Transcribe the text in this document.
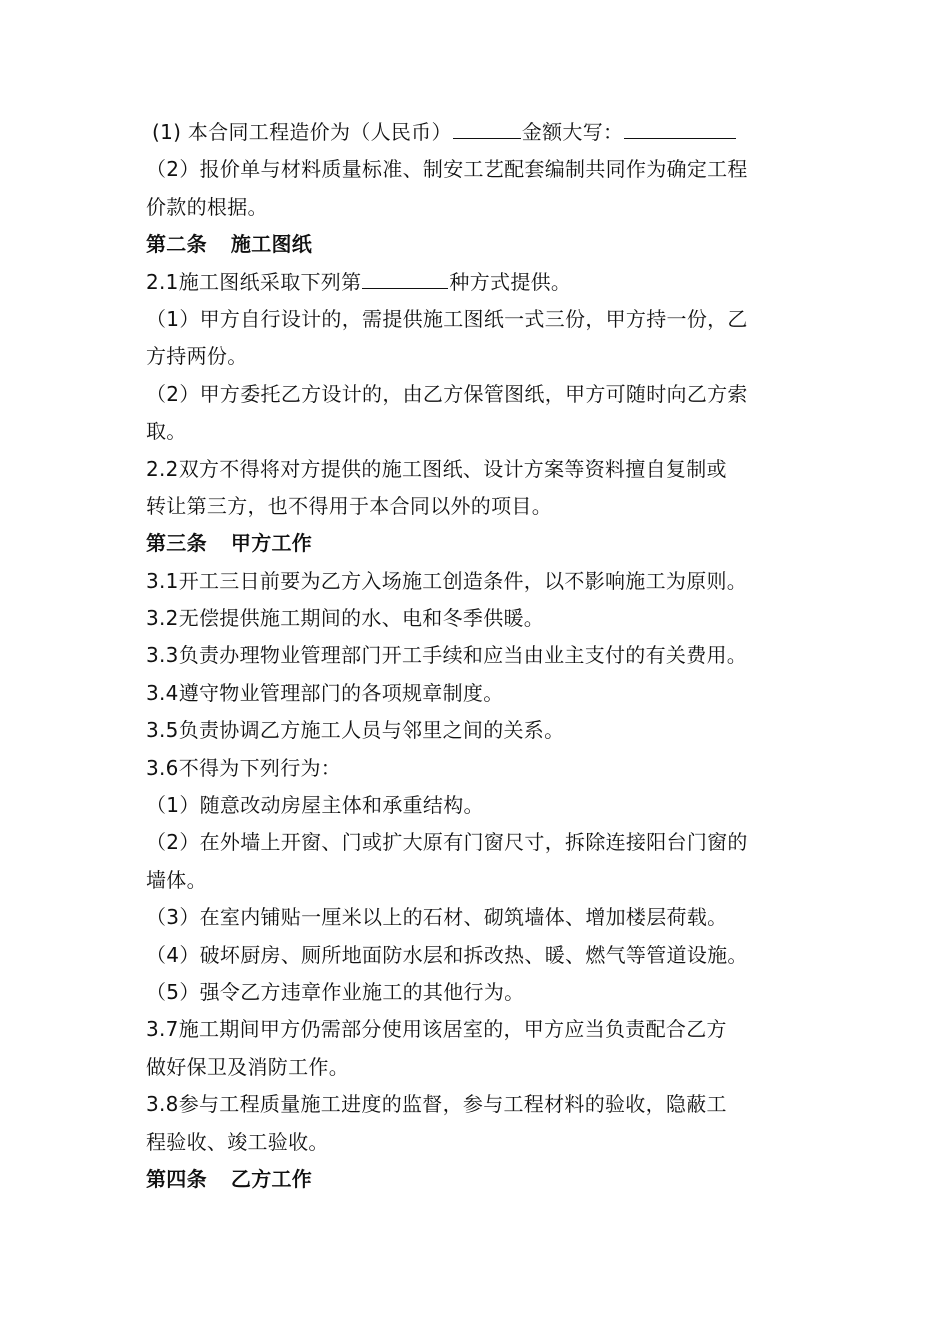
(1) 本合同工程造价为（人民币）	金额大写：
（2）报价单与材料质量标准、制安工艺配套编制共同作为确定工程
价款的根据。
第二条 施工图纸
2.1施工图纸采取下列第	种方式提供。
（1）甲方自行设计的，需提供施工图纸一式三份，甲方持一份，乙
方持两份。
（2）甲方委托乙方设计的，由乙方保管图纸，甲方可随时向乙方索
取。
2.2双方不得将对方提供的施工图纸、设计方案等资料擅自复制或
转让第三方，也不得用于本合同以外的项目。
第三条 甲方工作
3.1开工三日前要为乙方入场施工创造条件，以不影响施工为原则。
3.2无偿提供施工期间的水、电和冬季供暖。
3.3负责办理物业管理部门开工手续和应当由业主支付的有关费用。
3.4遵守物业管理部门的各项规章制度。
3.5负责协调乙方施工人员与邻里之间的关系。
3.6不得为下列行为：
（1）随意改动房屋主体和承重结构。
（2）在外墙上开窗、门或扩大原有门窗尺寸，拆除连接阳台门窗的
墙体。
（3）在室内铺贴一厘米以上的石材、砌筑墙体、增加楼层荷载。
（4）破坏厨房、厕所地面防水层和拆改热、暖、燃气等管道设施。
（5）强令乙方违章作业施工的其他行为。
3.7施工期间甲方仍需部分使用该居室的，甲方应当负责配合乙方
做好保卫及消防工作。
3.8参与工程质量施工进度的监督，参与工程材料的验收，隐蔽工
程验收、竣工验收。
第四条 乙方工作
